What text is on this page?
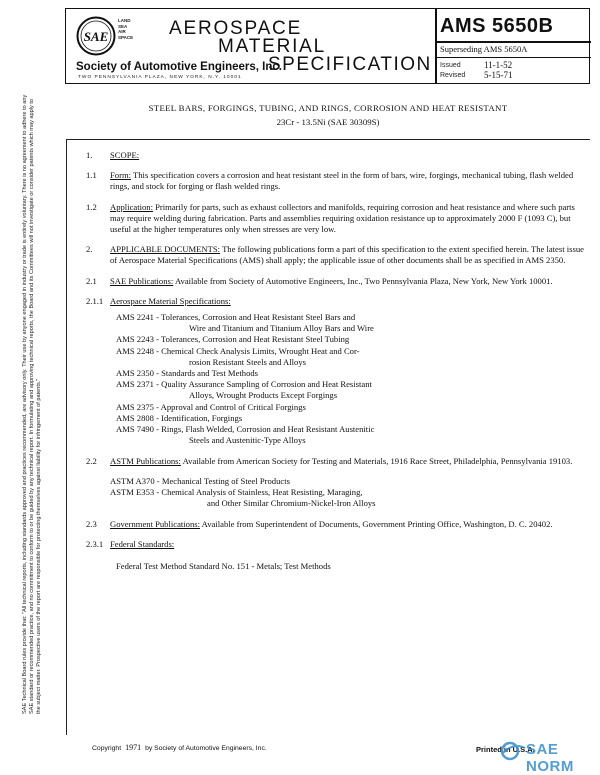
SAE
LAND
SEA
AIR
SPACE AEROSPACE
MATERIAL
SPECIFICATION
Society of Automotive Engineers, Inc.
TWO PENNSYLVANIA PLAZA, NEW YORK, N.Y. 10001
AMS 5650B
Superseding AMS 5650A
Issued	11-1-52
Revised 5-15-71
STEEL BARS, FORGINGS, TUBING, AND RINGS, CORROSION AND HEAT RESISTANT
23Cr - 13.5Ni (SAE 30309S)
SAE Technical Board rules provide that: "All technical reports, including standards approved and practices recommended, are advisory only. Their use by anyone engaged in industry or trade is entirely voluntary. There is no agreement to adhere to any SAE standard or recommended practice, and no commitment to conform to or be guided by any technical report. In formulating and approving technical reports, the Board and its Committees will not investigate or consider patents which may apply to the subject matter. Prospective users of the report are responsible for protecting themselves against liability for infringement of patents."
1. SCOPE:
1.1 Form: This specification covers a corrosion and heat resistant steel in the form of bars, wire, forgings, mechanical tubing, flash welded rings, and stock for forging or flash welded rings.
1.2 Application: Primarily for parts, such as exhaust collectors and manifolds, requiring corrosion and heat resistance and where such parts may require welding during fabrication. Parts and assemblies requiring oxidation resistance up to approximately 2000 F (1093 C), but useful at the higher temperatures only when stresses are very low.
2. APPLICABLE DOCUMENTS: The following publications form a part of this specification to the extent specified herein. The latest issue of Aerospace Material Specifications (AMS) shall apply; the applicable issue of other documents shall be as specified in AMS 2350.
2.1 SAE Publications: Available from Society of Automotive Engineers, Inc., Two Pennsylvania Plaza, New York, New York 10001.
2.1.1 Aerospace Material Specifications:
AMS 2241 - Tolerances, Corrosion and Heat Resistant Steel Bars and
Wire and Titanium and Titanium Alloy Bars and Wire
AMS 2243 - Tolerances, Corrosion and Heat Resistant Steel Tubing
AMS 2248 - Chemical Check Analysis Limits, Wrought Heat and Cor-
rosion Resistant Steels and Alloys
AMS 2350 - Standards and Test Methods
AMS 2371 - Quality Assurance Sampling of Corrosion and Heat Resistant
Alloys, Wrought Products Except Forgings
AMS 2375 - Approval and Control of Critical Forgings
AMS 2808 - Identification, Forgings
AMS 7490 - Rings, Flash Welded, Corrosion and Heat Resistant Austenitic
Steels and Austenitic-Type Alloys
2.2 ASTM Publications: Available from American Society for Testing and Materials, 1916 Race Street, Philadelphia, Pennsylvania 19103.
ASTM A370 - Mechanical Testing of Steel Products
ASTM E353 - Chemical Analysis of Stainless, Heat Resisting, Maraging,
and Other Similar Chromium-Nickel-Iron Alloys
2.3 Government Publications: Available from Superintendent of Documents, Government Printing Office, Washington, D. C. 20402.
2.3.1 Federal Standards:
Federal Test Method Standard No. 151 - Metals; Test Methods
Copyright 1971 by Society of Automotive Engineers, Inc.	Printed in U.S.A.
SAE NORM
